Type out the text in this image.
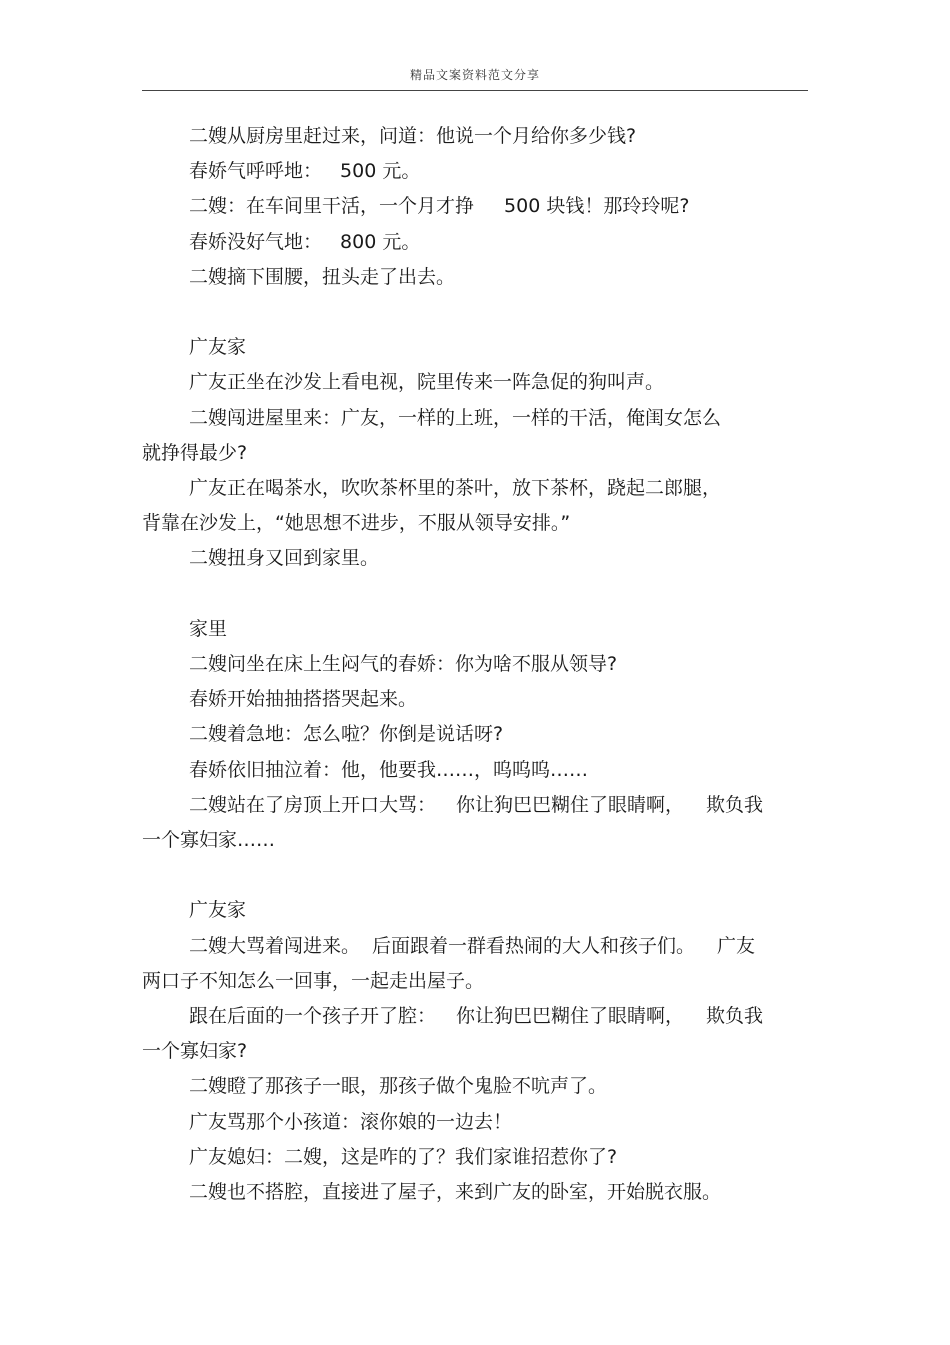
精品文案资料范文分享

二嫂从厨房里赶过来，问道：他说一个月给你多少钱?

春娇气呼呼地： 500 元。

二嫂：在车间里干活，一个月才挣 500 块钱！那玲玲呢?

春娇没好气地： 800 元。

二嫂摘下围腰，扭头走了出去。

广友家

广友正坐在沙发上看电视，院里传来一阵急促的狗叫声。

二嫂闯进屋里来：广友，一样的上班，一样的干活，俺闺女怎么

就挣得最少?

广友正在喝茶水，吹吹茶杯里的茶叶，放下茶杯，跷起二郎腿，

背靠在沙发上，“她思想不进步，不服从领导安排。”

二嫂扭身又回到家里。

家里

二嫂问坐在床上生闷气的春娇：你为啥不服从领导?

春娇开始抽抽搭搭哭起来。

二嫂着急地：怎么啦？你倒是说话呀?

春娇依旧抽泣着：他，他要我……，呜呜呜……

二嫂站在了房顶上开口大骂： 你让狗巴巴糊住了眼睛啊， 欺负我

一个寡妇家……

广友家

二嫂大骂着闯进来。 后面跟着一群看热闹的大人和孩子们。 广友

两口子不知怎么一回事，一起走出屋子。

跟在后面的一个孩子开了腔： 你让狗巴巴糊住了眼睛啊， 欺负我

一个寡妇家?

二嫂瞪了那孩子一眼，那孩子做个鬼脸不吭声了。

广友骂那个小孩道：滚你娘的一边去！

广友媳妇：二嫂，这是咋的了？我们家谁招惹你了?

二嫂也不搭腔，直接进了屋子，来到广友的卧室，开始脱衣服。
